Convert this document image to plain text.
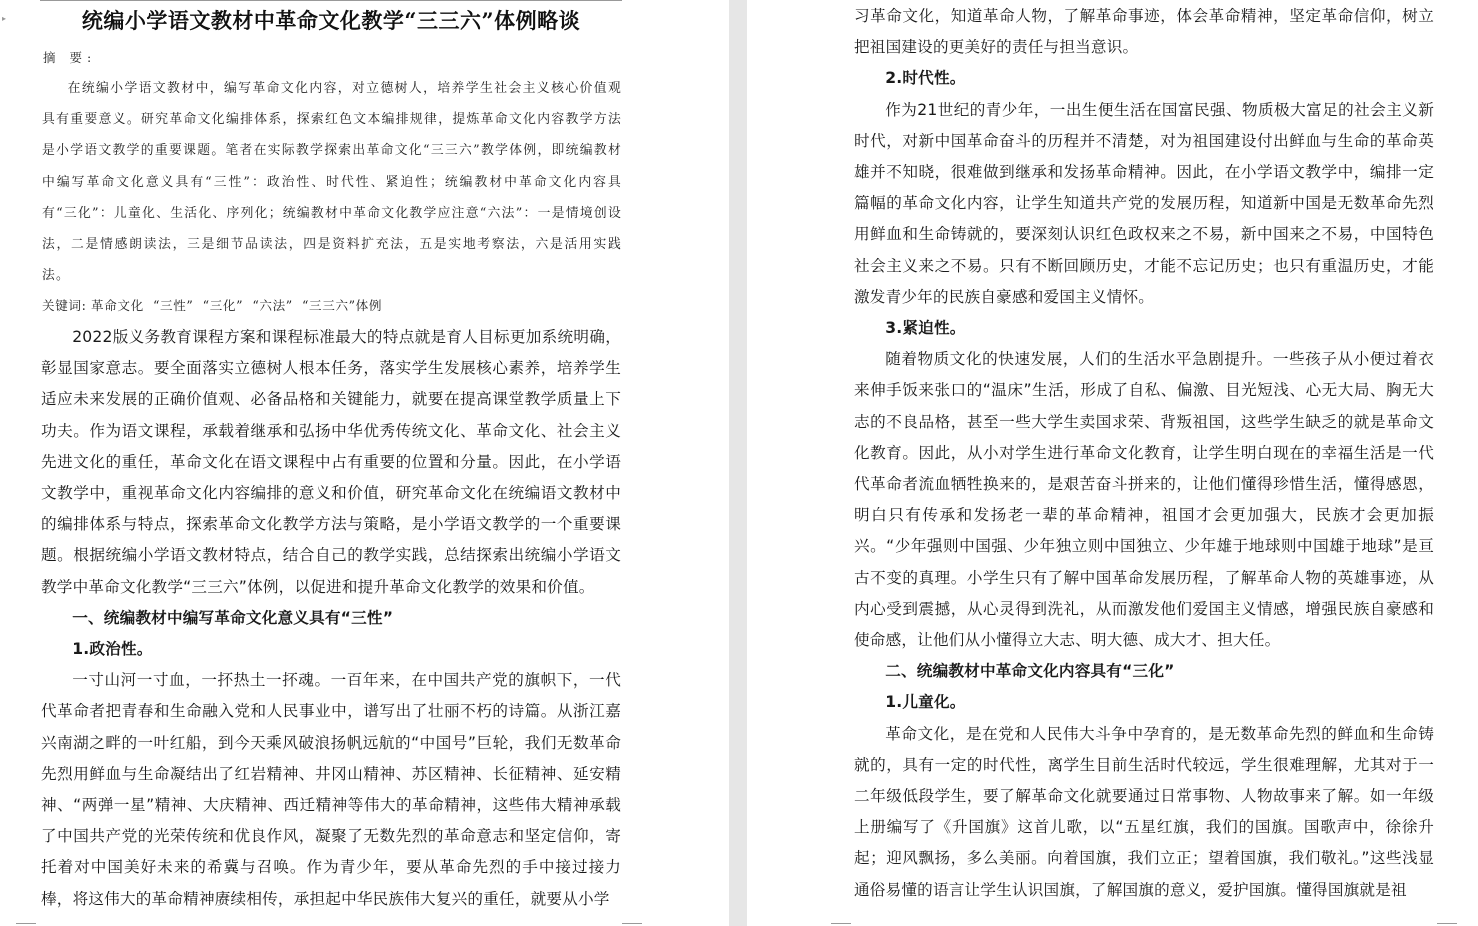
▸	统编小学语文教材中革命文化教学“三三六”体例略谈
摘 要:
在统编小学语文教材中，编写革命文化内容，对立德树人，培养学生社会主义核心价值观具有重要意义。研究革命文化编排体系，探索红色文本编排规律，提炼革命文化内容教学方法是小学语文教学的重要课题。笔者在实际教学探索出革命文化“三三六”教学体例，即统编教材中编写革命文化意义具有“三性”：政治性、时代性、紧迫性；统编教材中革命文化内容具有“三化”：儿童化、生活化、序列化；统编教材中革命文化教学应注意“六法”：一是情境创设法，二是情感朗读法，三是细节品读法，四是资料扩充法，五是实地考察法，六是活用实践法。
关键词: 革命文化  “三性”  “三化”  “六法”  “三三六”体例

2022版义务教育课程方案和课程标准最大的特点就是育人目标更加系统明确，彰显国家意志。要全面落实立德树人根本任务，落实学生发展核心素养，培养学生适应未来发展的正确价值观、必备品格和关键能力，就要在提高课堂教学质量上下功夫。作为语文课程，承载着继承和弘扬中华优秀传统文化、革命文化、社会主义先进文化的重任，革命文化在语文课程中占有重要的位置和分量。因此，在小学语文教学中，重视革命文化内容编排的意义和价值，研究革命文化在统编语文教材中的编排体系与特点，探索革命文化教学方法与策略，是小学语文教学的一个重要课题。根据统编小学语文教材特点，结合自己的教学实践，总结探索出统编小学语文教学中革命文化教学“三三六”体例，以促进和提升革命文化教学的效果和价值。

一、统编教材中编写革命文化意义具有“三性”

1.政治性。

一寸山河一寸血，一抔热土一抔魂。一百年来，在中国共产党的旗帜下，一代代革命者把青春和生命融入党和人民事业中，谱写出了壮丽不朽的诗篇。从浙江嘉兴南湖之畔的一叶红船，到今天乘风破浪扬帆远航的“中国号”巨轮，我们无数革命先烈用鲜血与生命凝结出了红岩精神、井冈山精神、苏区精神、长征精神、延安精神、“两弹一星”精神、大庆精神、西迁精神等伟大的革命精神，这些伟大精神承载了中国共产党的光荣传统和优良作风，凝聚了无数先烈的革命意志和坚定信仰，寄托着对中国美好未来的希冀与召唤。作为青少年，要从革命先烈的手中接过接力棒，将这伟大的革命精神赓续相传，承担起中华民族伟大复兴的重任，就要从小学

习革命文化，知道革命人物，了解革命事迹，体会革命精神，坚定革命信仰，树立把祖国建设的更美好的责任与担当意识。

2.时代性。

作为21世纪的青少年，一出生便生活在国富民强、物质极大富足的社会主义新时代，对新中国革命奋斗的历程并不清楚，对为祖国建设付出鲜血与生命的革命英雄并不知晓，很难做到继承和发扬革命精神。因此，在小学语文教学中，编排一定篇幅的革命文化内容，让学生知道共产党的发展历程，知道新中国是无数革命先烈用鲜血和生命铸就的，要深刻认识红色政权来之不易，新中国来之不易，中国特色社会主义来之不易。只有不断回顾历史，才能不忘记历史；也只有重温历史，才能激发青少年的民族自豪感和爱国主义情怀。

3.紧迫性。

随着物质文化的快速发展，人们的生活水平急剧提升。一些孩子从小便过着衣来伸手饭来张口的“温床”生活，形成了自私、偏激、目光短浅、心无大局、胸无大志的不良品格，甚至一些大学生卖国求荣、背叛祖国，这些学生缺乏的就是革命文化教育。因此，从小对学生进行革命文化教育，让学生明白现在的幸福生活是一代代革命者流血牺牲换来的，是艰苦奋斗拼来的，让他们懂得珍惜生活，懂得感恩，明白只有传承和发扬老一辈的革命精神，祖国才会更加强大，民族才会更加振兴。“少年强则中国强、少年独立则中国独立、少年雄于地球则中国雄于地球”是亘古不变的真理。小学生只有了解中国革命发展历程，了解革命人物的英雄事迹，从内心受到震撼，从心灵得到洗礼，从而激发他们爱国主义情感，增强民族自豪感和使命感，让他们从小懂得立大志、明大德、成大才、担大任。

二、统编教材中革命文化内容具有“三化”

1.儿童化。

革命文化，是在党和人民伟大斗争中孕育的，是无数革命先烈的鲜血和生命铸就的，具有一定的时代性，离学生目前生活时代较远，学生很难理解，尤其对于一二年级低段学生，要了解革命文化就要通过日常事物、人物故事来了解。如一年级上册编写了《升国旗》这首儿歌，以“五星红旗，我们的国旗。国歌声中，徐徐升起；迎风飘扬，多么美丽。向着国旗，我们立正；望着国旗，我们敬礼。”这些浅显通俗易懂的语言让学生认识国旗，了解国旗的意义，爱护国旗。懂得国旗就是祖
